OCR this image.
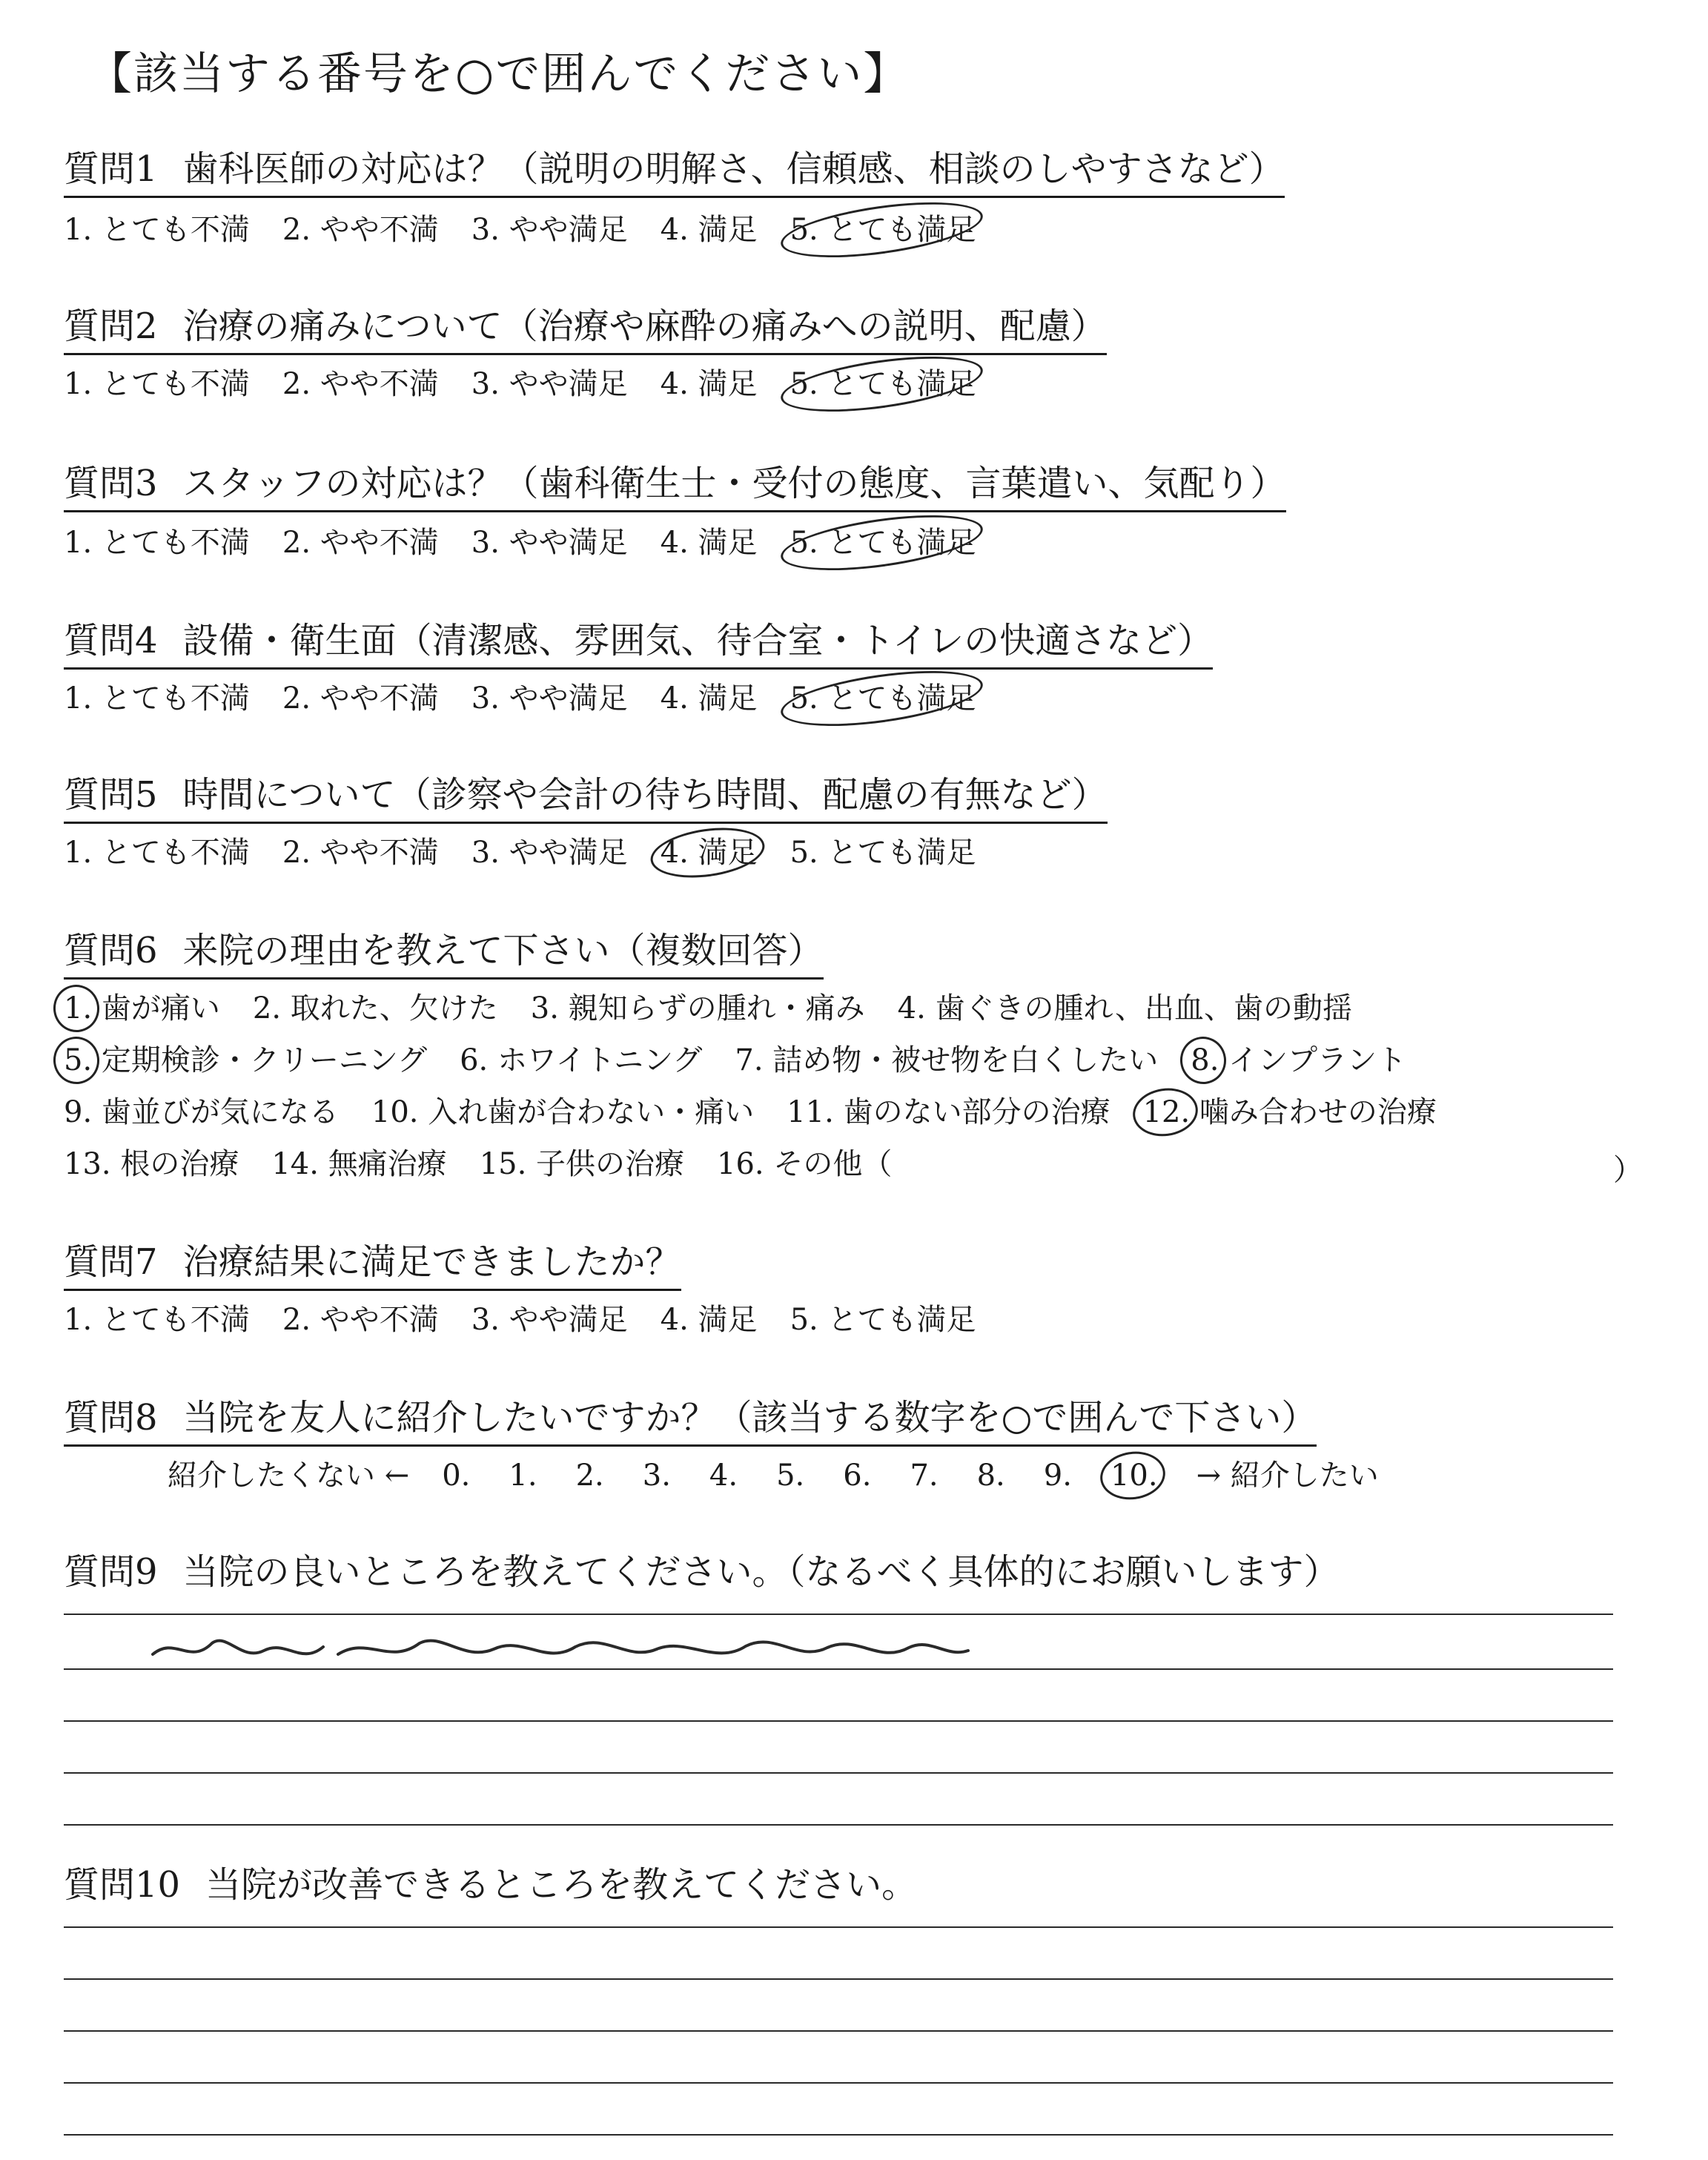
【該当する番号を○で囲んでください】
質問1 歯科医師の対応は？（説明の明解さ、信頼感、相談のしやすさなど）
1. とても不満 2. やや不満 3. やや満足 4. 満足 5. とても満足
質問2 治療の痛みについて（治療や麻酔の痛みへの説明、配慮）
1. とても不満 2. やや不満 3. やや満足 4. 満足 5. とても満足
質問3 スタッフの対応は？（歯科衛生士・受付の態度、言葉遣い、気配り）
1. とても不満 2. やや不満 3. やや満足 4. 満足 5. とても満足
質問4 設備・衛生面（清潔感、雰囲気、待合室・トイレの快適さなど）
1. とても不満 2. やや不満 3. やや満足 4. 満足 5. とても満足
質問5 時間について（診察や会計の待ち時間、配慮の有無など）
1. とても不満 2. やや不満 3. やや満足 4. 満足 5. とても満足
質問6 来院の理由を教えて下さい（複数回答）
1. 歯が痛い 2. 取れた、欠けた 3. 親知らずの腫れ・痛み 4. 歯ぐきの腫れ、出血、歯の動揺
5. 定期検診・クリーニング 6. ホワイトニング 7. 詰め物・被せ物を白くしたい 8. インプラント
9. 歯並びが気になる 10. 入れ歯が合わない・痛い 11. 歯のない部分の治療 12. 噛み合わせの治療
13. 根の治療 14. 無痛治療 15. 子供の治療 16. その他（	）
質問7 治療結果に満足できましたか？
1. とても不満 2. やや不満 3. やや満足 4. 満足 5. とても満足
質問8 当院を友人に紹介したいですか？（該当する数字を○で囲んで下さい）
紹介したくない ← 0. 1. 2. 3. 4. 5. 6. 7. 8. 9. 10. → 紹介したい
質問9 当院の良いところを教えてください。（なるべく具体的にお願いします）
質問10 当院が改善できるところを教えてください。
